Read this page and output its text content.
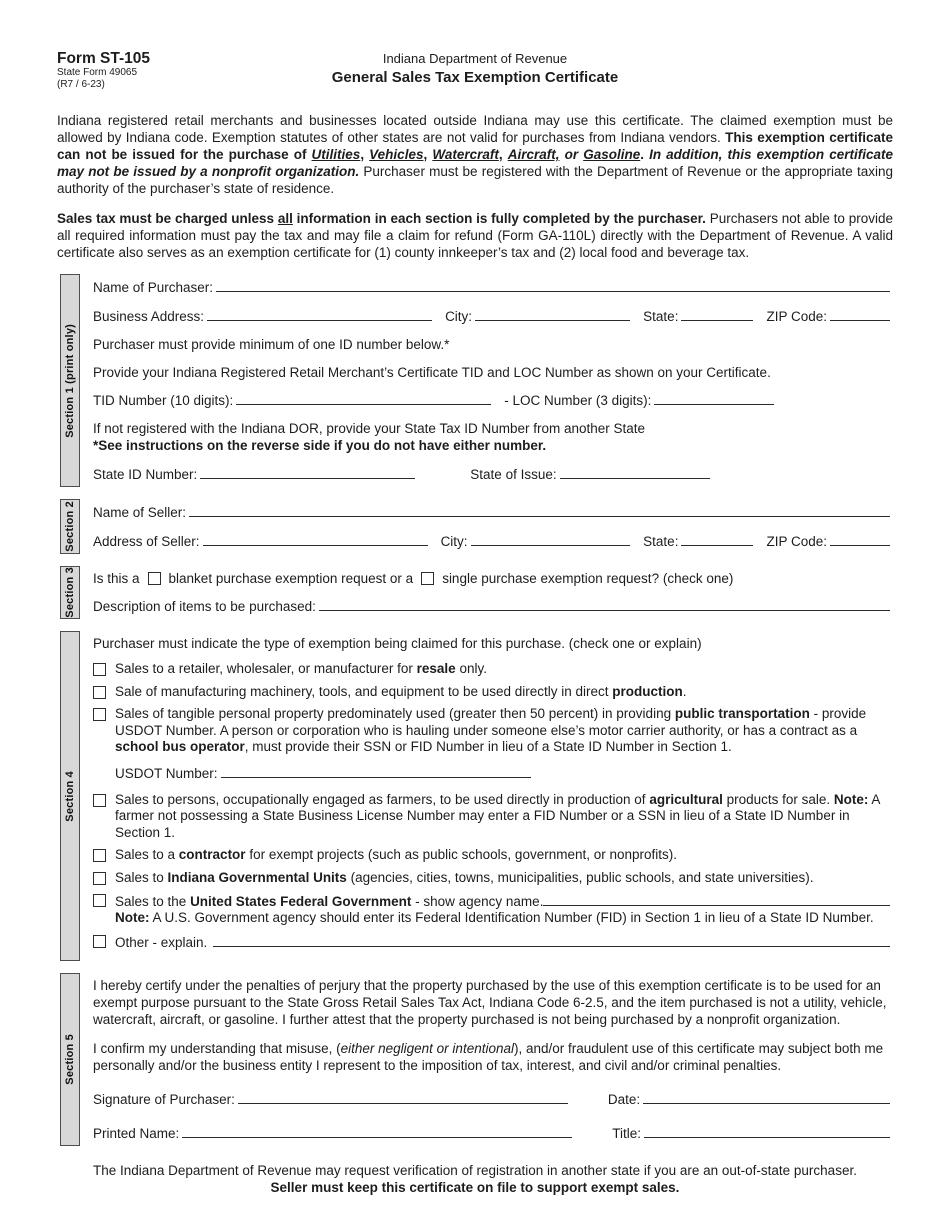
Form ST-105
State Form 49065
(R7 / 6-23)
Indiana Department of Revenue
General Sales Tax Exemption Certificate

Indiana registered retail merchants and businesses located outside Indiana may use this certificate. The claimed exemption must be allowed by Indiana code. Exemption statutes of other states are not valid for purchases from Indiana vendors. This exemption certificate can not be issued for the purchase of Utilities, Vehicles, Watercraft, Aircraft, or Gasoline. In addition, this exemption certificate may not be issued by a nonprofit organization. Purchaser must be registered with the Department of Revenue or the appropriate taxing authority of the purchaser’s state of residence.

Sales tax must be charged unless all information in each section is fully completed by the purchaser. Purchasers not able to provide all required information must pay the tax and may file a claim for refund (Form GA-110L) directly with the Department of Revenue. A valid certificate also serves as an exemption certificate for (1) county innkeeper’s tax and (2) local food and beverage tax.

Section 1 (print only)
Name of Purchaser:
Business Address:	City:	State:	ZIP Code:
Purchaser must provide minimum of one ID number below.*
Provide your Indiana Registered Retail Merchant’s Certificate TID and LOC Number as shown on your Certificate.
TID Number (10 digits):	- LOC Number (3 digits):
If not registered with the Indiana DOR, provide your State Tax ID Number from another State
*See instructions on the reverse side if you do not have either number.
State ID Number:	State of Issue:
Section 2 Name of Seller:
Address of Seller:	City:	State:	ZIP Code:
Section 3 Is this a blanket purchase exemption request or a single purchase exemption request? (check one)
Description of items to be purchased:
Section 4
Purchaser must indicate the type of exemption being claimed for this purchase. (check one or explain)
Sales to a retailer, wholesaler, or manufacturer for resale only.
Sale of manufacturing machinery, tools, and equipment to be used directly in direct production.
Sales of tangible personal property predominately used (greater then 50 percent) in providing public transportation - provide USDOT Number. A person or corporation who is hauling under someone else’s motor carrier authority, or has a contract as a school bus operator, must provide their SSN or FID Number in lieu of a State ID Number in Section 1.
USDOT Number:
Sales to persons, occupationally engaged as farmers, to be used directly in production of agricultural products for sale. Note: A farmer not possessing a State Business License Number may enter a FID Number or a SSN in lieu of a State ID Number in Section 1.
Sales to a contractor for exempt projects (such as public schools, government, or nonprofits).
Sales to Indiana Governmental Units (agencies, cities, towns, municipalities, public schools, and state universities).
Sales to the United States Federal Government - show agency name.
Note: A U.S. Government agency should enter its Federal Identification Number (FID) in Section 1 in lieu of a State ID Number.
Other - explain.
Section 5

I hereby certify under the penalties of perjury that the property purchased by the use of this exemption certificate is to be used for an exempt purpose pursuant to the State Gross Retail Sales Tax Act, Indiana Code 6-2.5, and the item purchased is not a utility, vehicle, watercraft, aircraft, or gasoline. I further attest that the property purchased is not being purchased by a nonprofit organization.

I confirm my understanding that misuse, (either negligent or intentional), and/or fraudulent use of this certificate may subject both me personally and/or the business entity I represent to the imposition of tax, interest, and civil and/or criminal penalties.

Signature of Purchaser:	Date:
Printed Name:	Title:
The Indiana Department of Revenue may request verification of registration in another state if you are an out-of-state purchaser.
Seller must keep this certificate on file to support exempt sales.
